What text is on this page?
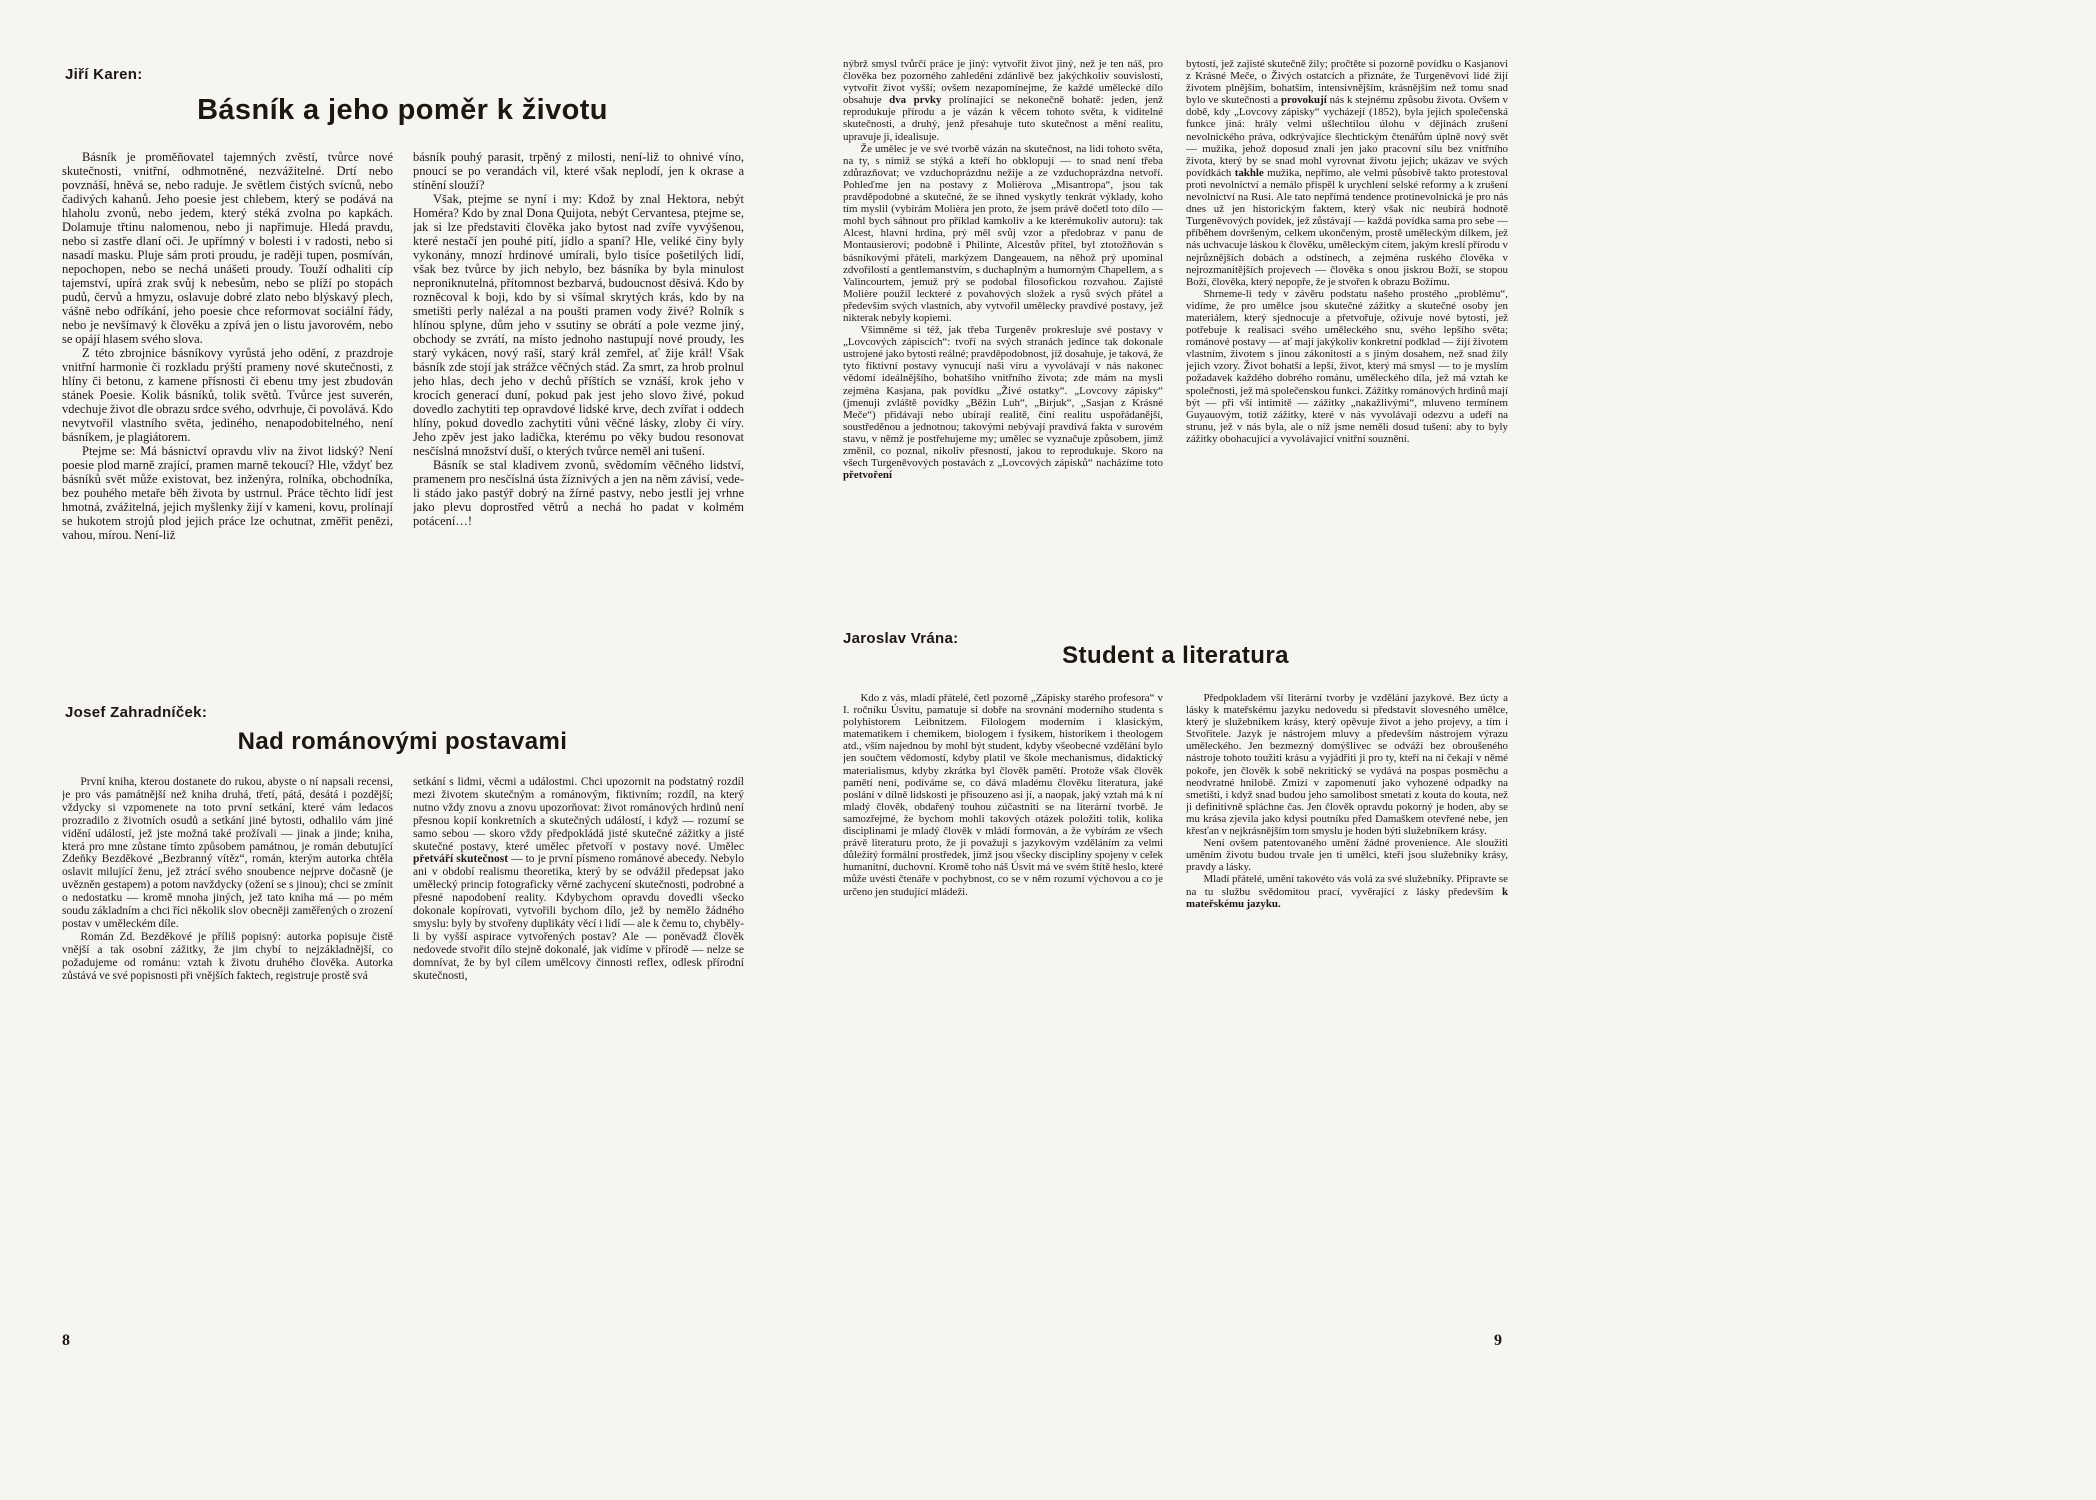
Jiří Karen:
Básník a jeho poměr k životu

Básník je proměňovatel tajemných zvěstí, tvůrce nové skutečnosti, vnitřní, odhmotněné, nezvážitelné. Drtí nebo povznáší, hněvá se, nebo raduje. Je světlem čistých svícnů, nebo čadivých kahanů. Jeho poesie jest chlebem, který se podává na hlaholu zvonů, nebo jedem, který stéká zvolna po kapkách. Dolamuje třtinu nalomenou, nebo ji napřimuje. Hledá pravdu, nebo si zastře dlaní oči. Je upřímný v bolesti i v radosti, nebo si nasadí masku. Pluje sám proti proudu, je raději tupen, posmíván, nepochopen, nebo se nechá unášeti proudy. Touží odhaliti cíp tajemství, upírá zrak svůj k nebesům, nebo se plíží po stopách pudů, červů a hmyzu, oslavuje dobré zlato nebo blýskavý plech, vášně nebo odříkání, jeho poesie chce reformovat sociální řády, nebo je nevšímavý k člověku a zpívá jen o listu javorovém, nebo se opájí hlasem svého slova.

Z této zbrojnice básníkovy vyrůstá jeho odění, z prazdroje vnitřní harmonie či rozkladu prýští prameny nové skutečnosti, z hlíny či betonu, z kamene přísnosti či ebenu tmy jest zbudován stánek Poesie. Kolik básníků, tolik světů. Tvůrce jest suverén, vdechuje život dle obrazu srdce svého, odvrhuje, či povolává. Kdo nevytvořil vlastního světa, jediného, nenapodobitelného, není básníkem, je plagiátorem.

Ptejme se: Má básnictví opravdu vliv na život lidský? Není poesie plod marně zrající, pramen marně tekoucí? Hle, vždyť bez básníků svět může existovat, bez inženýra, rolníka, obchodníka, bez pouhého metaře běh života by ustrnul. Práce těchto lidí jest hmotná, zvážitelná, jejich myšlenky žijí v kameni, kovu, prolínají se hukotem strojů plod jejich práce lze ochutnat, změřit penězi, vahou, mírou. Není-liž

básník pouhý parasit, trpěný z milosti, není-liž to ohnivé víno, pnoucí se po verandách vil, které však neplodí, jen k okrase a stínění slouží?

Však, ptejme se nyní i my: Kdož by znal Hektora, nebýt Homéra? Kdo by znal Dona Quijota, nebýt Cervantesa, ptejme se, jak si lze představiti člověka jako bytost nad zvíře vyvýšenou, které nestačí jen pouhé pití, jídlo a spaní? Hle, veliké činy byly vykonány, mnozí hrdinové umírali, bylo tisíce pošetilých lidí, však bez tvůrce by jich nebylo, bez básníka by byla minulost neproniknutelná, přítomnost bezbarvá, budoucnost děsivá. Kdo by rozněcoval k boji, kdo by si všímal skrytých krás, kdo by na smetišti perly nalézal a na poušti pramen vody živé? Rolník s hlínou splyne, dům jeho v ssutiny se obrátí a pole vezme jiný, obchody se zvrátí, na místo jednoho nastupují nové proudy, les starý vykácen, nový raší, starý král zemřel, ať žije král! Však básník zde stojí jak strážce věčných stád. Za smrt, za hrob prolnul jeho hlas, dech jeho v dechů příštích se vznáší, krok jeho v krocích generací duní, pokud pak jest jeho slovo živé, pokud dovedlo zachytiti tep opravdové lidské krve, dech zvířat i oddech hlíny, pokud dovedlo zachytiti vůni věčné lásky, zloby či víry. Jeho zpěv jest jako ladička, kterému po věky budou resonovat nesčíslná množství duší, o kterých tvůrce neměl ani tušení.

Básník se stal kladivem zvonů, svědomím věčného lidství, pramenem pro nesčíslná ústa žíznivých a jen na něm závisí, vede-li stádo jako pastýř dobrý na žírné pastvy, nebo jestli jej vrhne jako plevu doprostřed větrů a nechá ho padat v kolmém potácení…!

Josef Zahradníček:
Nad románovými postavami

První kniha, kterou dostanete do rukou, abyste o ní napsali recensi, je pro vás památnější než kniha druhá, třetí, pátá, desátá i pozdější; vždycky si vzpomenete na toto první setkání, které vám ledacos prozradilo z životních osudů a setkání jiné bytosti, odhalilo vám jiné vidění událostí, jež jste možná také prožívali — jinak a jinde; kniha, která pro mne zůstane tímto způsobem památnou, je román debutující Zdeňky Bezděkové „Bezbranný vítěz“, román, kterým autorka chtěla oslavit milující ženu, jež ztrácí svého snoubence nejprve dočasně (je uvězněn gestapem) a potom navždycky (ožení se s jinou); chci se zmínit o nedostatku — kromě mnoha jiných, jež tato kniha má — po mém soudu základním a chci říci několik slov obecněji zaměřených o zrození postav v uměleckém díle.

Román Zd. Bezděkové je příliš popisný: autorka popisuje čistě vnější a tak osobní zážitky, že jim chybí to nejzákladnější, co požadujeme od románu: vztah k životu druhého člověka. Autorka zůstává ve své popisnosti při vnějších faktech, registruje prostě svá

setkání s lidmi, věcmi a událostmi. Chci upozornit na podstatný rozdíl mezi životem skutečným a románovým, fiktivním; rozdíl, na který nutno vždy znovu a znovu upozorňovat: život románových hrdinů není přesnou kopií konkretních a skutečných událostí, i když — rozumí se samo sebou — skoro vždy předpokládá jisté skutečné zážitky a jisté skutečné postavy, které umělec přetvoří v postavy nové. Umělec přetváří skutečnost — to je první písmeno románové abecedy. Nebylo ani v období realismu theoretika, který by se odvážil předepsat jako umělecký princip fotograficky věrné zachycení skutečnosti, podrobné a přesné napodobení reality. Kdybychom opravdu dovedli všecko dokonale kopírovati, vytvořili bychom dílo, jež by nemělo žádného smyslu: byly by stvořeny duplikáty věcí i lidí — ale k čemu to, chyběly-li by vyšší aspirace vytvořených postav? Ale — poněvadž člověk nedovede stvořit dílo stejně dokonalé, jak vidíme v přírodě — nelze se domnívat, že by byl cílem umělcovy činnosti reflex, odlesk přírodní skutečnosti,

8

nýbrž smysl tvůrčí práce je jiný: vytvořit život jiný, než je ten náš, pro člověka bez pozorného zahledění zdánlivě bez jakýchkoliv souvislostí, vytvořit život vyšší; ovšem nezapomínejme, že každé umělecké dílo obsahuje dva prvky prolínající se nekonečně bohatě: jeden, jenž reprodukuje přírodu a je vázán k věcem tohoto světa, k viditelné skutečnosti, a druhý, jenž přesahuje tuto skutečnost a mění realitu, upravuje ji, idealisuje.

Že umělec je ve své tvorbě vázán na skutečnost, na lidi tohoto světa, na ty, s nimiž se stýká a kteří ho obklopují — to snad není třeba zdůrazňovat; ve vzduchoprázdnu nežije a ze vzduchoprázdna netvoří. Pohleďme jen na postavy z Molièrova „Misantropa“, jsou tak pravděpodobné a skutečné, že se ihned vyskytly tenkrát výklady, koho tím myslil (vybírám Molièra jen proto, že jsem právě dočetl toto dílo — mohl bych sáhnout pro příklad kamkoliv a ke kterémukoliv autoru): tak Alcest, hlavní hrdina, prý měl svůj vzor a předobraz v panu de Montausierovi; podobně i Philinte, Alcestův přítel, byl ztotožňován s básníkovými přáteli, markýzem Dangeauem, na něhož prý upomínal zdvořilostí a gentlemanstvím, s duchaplným a humorným Chapellem, a s Valincourtem, jemuž prý se podobal filosofickou rozvahou. Zajisté Molière použil leckteré z povahových složek a rysů svých přátel a především svých vlastních, aby vytvořil umělecky pravdivé postavy, jež nikterak nebyly kopiemi.

Všimněme si též, jak třeba Turgeněv prokresluje své postavy v „Lovcových zápiscích“: tvoří na svých stranách jedince tak dokonale ustrojené jako bytosti reálné; pravděpodobnost, jíž dosahuje, je taková, že tyto fiktivní postavy vynucují naši víru a vyvolávají v nás nakonec vědomí ideálnějšího, bohatšího vnitřního života; zde mám na mysli zejména Kasjana, pak povídku „Živé ostatky“. „Lovcovy zápisky“ (jmenuji zvláště povídky „Běžin Luh“, „Birjuk“, „Sasjan z Krásné Meče“) přidávají nebo ubírají realitě, činí realitu uspořádanější, soustředěnou a jednotnou; takovými nebývají pravdivá fakta v surovém stavu, v němž je postřehujeme my; umělec se vyznačuje způsobem, jímž změnil, co poznal, nikoliv přesností, jakou to reprodukuje. Skoro na všech Turgeněvových postavách z „Lovcových zápisků“ nacházíme toto přetvoření

bytostí, jež zajisté skutečně žily; pročtěte si pozorně povídku o Kasjanovi z Krásné Meče, o Živých ostatcích a přiznáte, že Turgeněvovi lidé žijí životem plnějším, bohatším, intensivnějším, krásnějším než tomu snad bylo ve skutečnosti a provokují nás k stejnému způsobu života. Ovšem v době, kdy „Lovcovy zápisky“ vycházejí (1852), byla jejich společenská funkce jiná: hrály velmi ušlechtilou úlohu v dějinách zrušení nevolnického práva, odkrývajíce šlechtickým čtenářům úplně nový svět — mužika, jehož doposud znali jen jako pracovní sílu bez vnitřního života, který by se snad mohl vyrovnat životu jejich; ukázav ve svých povídkách takhle mužika, nepřímo, ale velmi působivě takto protestoval proti nevolnictví a nemálo přispěl k urychlení selské reformy a k zrušení nevolnictví na Rusi. Ale tato nepřímá tendence protinevolnická je pro nás dnes už jen historickým faktem, který však nic neubírá hodnotě Turgeněvových povídek, jež zůstávají — každá povídka sama pro sebe — příběhem dovršeným, celkem ukončeným, prostě uměleckým dílkem, jež nás uchvacuje láskou k člověku, uměleckým citem, jakým kreslí přírodu v nejrůznějších dobách a odstínech, a zejména ruského člověka v nejrozmanitějších projevech — člověka s onou jiskrou Boží, se stopou Boží, člověka, který nepopře, že je stvořen k obrazu Božímu.

Shrneme-li tedy v závěru podstatu našeho prostého „problému“, vidíme, že pro umělce jsou skutečné zážitky a skutečné osoby jen materiálem, který sjednocuje a přetvořuje, oživuje nové bytosti, jež potřebuje k realisaci svého uměleckého snu, svého lepšího světa; románové postavy — ať mají jakýkoliv konkretní podklad — žijí životem vlastním, životem s jinou zákonitostí a s jiným dosahem, než snad žily jejich vzory. Život bohatší a lepší, život, který má smysl — to je myslím požadavek každého dobrého románu, uměleckého díla, jež má vztah ke společnosti, jež má společenskou funkci. Zážitky románových hrdinů mají být — při vší intimitě — zážitky „nakažlivými“, mluveno termínem Guyauovým, totiž zážitky, které v nás vyvolávají odezvu a udeří na strunu, jež v nás byla, ale o níž jsme neměli dosud tušení: aby to byly zážitky obohacující a vyvolávající vnitřní souznění.

Jaroslav Vrána:
Student a literatura

Kdo z vás, mladí přátelé, četl pozorně „Zápisky starého profesora“ v I. ročníku Úsvitu, pamatuje si dobře na srovnání moderního studenta s polyhistorem Leibnitzem. Filologem moderním i klasickým, matematikem i chemikem, biologem i fysikem, historikem i theologem atd., vším najednou by mohl být student, kdyby všeobecné vzdělání bylo jen součtem vědomostí, kdyby platil ve škole mechanismus, didaktický materialismus, kdyby zkrátka byl člověk pamětí. Protože však člověk pamětí není, podíváme se, co dává mladému člověku literatura, jaké poslání v dílně lidskosti je přisouzeno asi jí, a naopak, jaký vztah má k ní mladý člověk, obdařený touhou zúčastniti se na literární tvorbě. Je samozřejmé, že bychom mohli takových otázek položiti tolik, kolika disciplinami je mladý člověk v mládí formován, a že vybírám ze všech právě literaturu proto, že ji považuji s jazykovým vzděláním za velmi důležitý formální prostředek, jímž jsou všecky discipliny spojeny v celek humanitní, duchovní. Kromě toho náš Úsvit má ve svém štítě heslo, které může uvésti čtenáře v pochybnost, co se v něm rozumí výchovou a co je určeno jen studující mládeži.

Předpokladem vší literární tvorby je vzdělání jazykové. Bez úcty a lásky k mateřskému jazyku nedovedu si představit slovesného umělce, který je služebníkem krásy, který opěvuje život a jeho projevy, a tím i Stvořitele. Jazyk je nástrojem mluvy a především nástrojem výrazu uměleckého. Jen bezmezný domýšlivec se odváží bez obroušeného nástroje tohoto toužiti krásu a vyjádřiti ji pro ty, kteří na ni čekají v němé pokoře, jen člověk k sobě nekritický se vydává na pospas posměchu a neodvratné hnilobě. Zmizí v zapomenutí jako vyhozené odpadky na smetišti, i když snad budou jeho samolibost smetati z kouta do kouta, než ji definitivně spláchne čas. Jen člověk opravdu pokorný je hoden, aby se mu krása zjevila jako kdysi poutníku před Damaškem otevřené nebe, jen křesťan v nejkrásnějším tom smyslu je hoden býti služebníkem krásy.

Není ovšem patentovaného umění žádné provenience. Ale sloužiti uměním životu budou trvale jen ti umělci, kteří jsou služebníky krásy, pravdy a lásky.

Mladí přátelé, umění takovéto vás volá za své služebníky. Připravte se na tu službu svědomitou prací, vyvěrající z lásky především k mateřskému jazyku.

9
